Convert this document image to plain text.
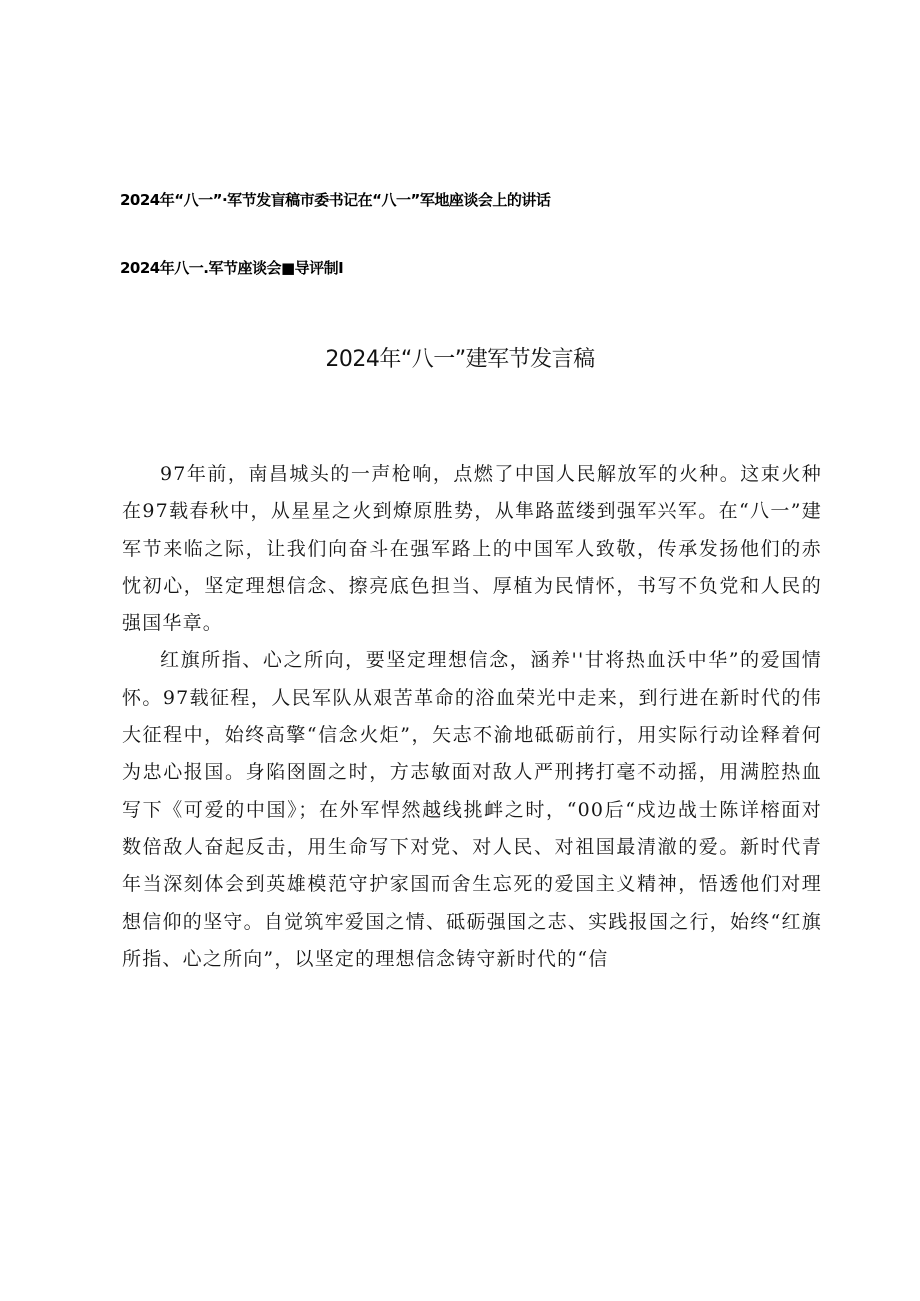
2024年“八一”·军节发盲稿市委书记在“八一”军地座谈会上的讲话
2024年八一.军节座谈会■导评制I
2024年“八一”建军节发言稿

97年前，南昌城头的一声枪响，点燃了中国人民解放军的火种。这束火种在97载春秋中，从星星之火到燎原胜势，从隼路蓝缕到强军兴军。在“八一”建军节来临之际，让我们向奋斗在强军路上的中国军人致敬，传承发扬他们的赤忱初心，坚定理想信念、擦亮底色担当、厚植为民情怀，书写不负党和人民的强国华章。

红旗所指、心之所向，要坚定理想信念，涵养''甘将热血沃中华”的爱国情怀。97载征程，人民军队从艰苦革命的浴血荣光中走来，到行进在新时代的伟大征程中，始终高擎“信念火炬”，矢志不渝地砥砺前行，用实际行动诠释着何为忠心报国。身陷囹圄之时，方志敏面对敌人严刑拷打毫不动摇，用满腔热血写下《可爱的中国》；在外军悍然越线挑衅之时，“00后“戍边战士陈详榕面对数倍敌人奋起反击，用生命写下对党、对人民、对祖国最清澈的爱。新时代青年当深刻体会到英雄模范守护家国而舍生忘死的爱国主义精神，悟透他们对理想信仰的坚守。自觉筑牢爱国之情、砥砺强国之志、实践报国之行，始终“红旗所指、心之所向”，以坚定的理想信念铸守新时代的“信
